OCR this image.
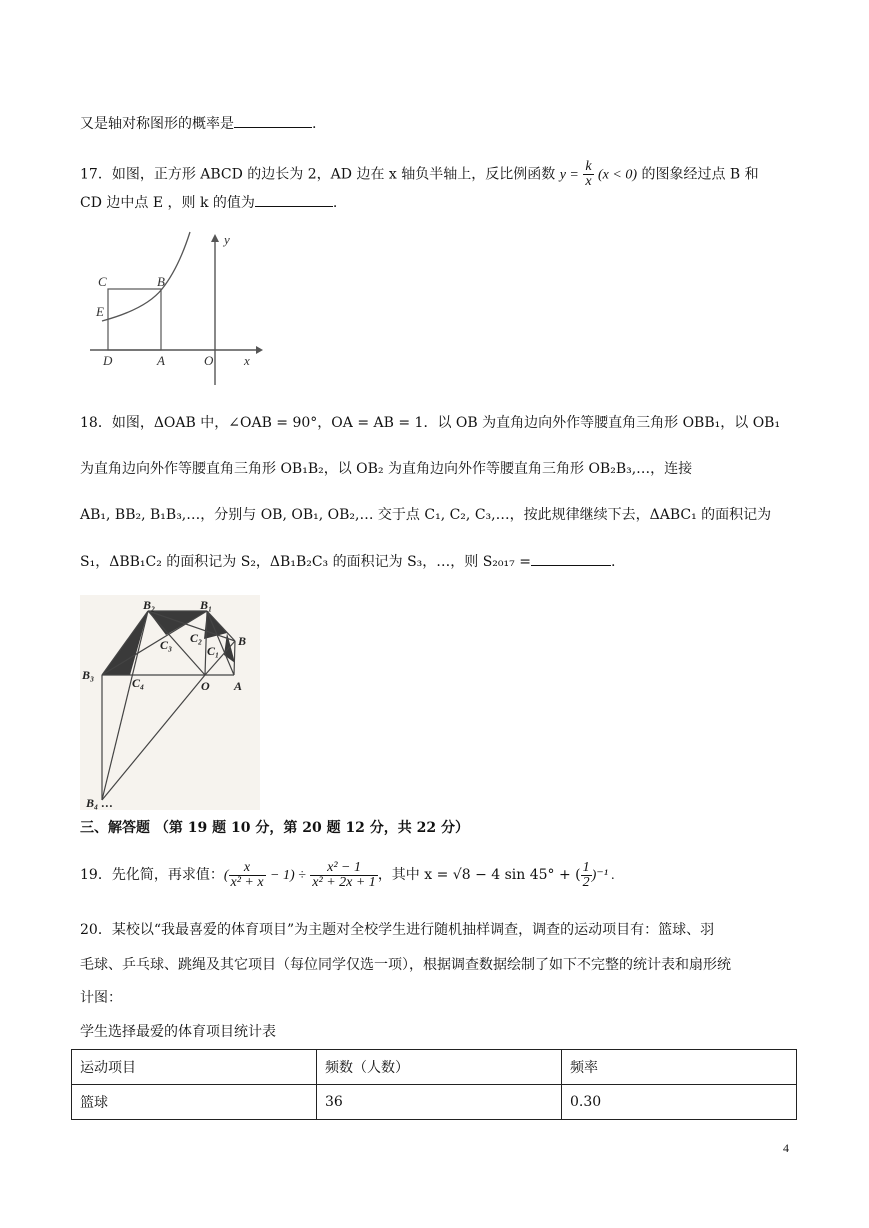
又是轴对称图形的概率是	.
17．如图，正方形 ABCD 的边长为 2，AD 边在 x 轴负半轴上，反比例函数 $y = \frac{k}{x} (x < 0)$ 的图象经过点 B 和
CD 边中点 E ，则 k 的值为	.
C	B
E
D	A	O x
y
18．如图，ΔOAB 中，∠OAB = 90°，OA = AB = 1．以 OB 为直角边向外作等腰直角三角形 OBB₁，以 OB₁
为直角边向外作等腰直角三角形 OB₁B₂，以 OB₂ 为直角边向外作等腰直角三角形 OB₂B₃,…，连接
AB₁, BB₂, B₁B₃,…，分别与 OB, OB₁, OB₂,… 交于点 C₁, C₂, C₃,…，按此规律继续下去，ΔABC₁ 的面积记为
S₁，ΔBB₁C₂ 的面积记为 S₂，ΔB₁B₂C₃ 的面积记为 S₃，…，则 S₂₀₁₇ =	.
B₂	B₁
B
C₂
C₃	C₁
B₃
C₄	O A
B₄ …
三、解答题 （第 19 题 10 分，第 20 题 12 分，共 22 分）
19．先化简，再求值：( $\frac{x}{\text{x² + x}} - 1) \div \frac{\text{x² − 1}}{\text{x² + 2x + 1}}$ ，其中 x = √8 − 4 sin 45° + ( $\frac{1}{2} )^{-1}$ .
20．某校以“我最喜爱的体育项目”为主题对全校学生进行随机抽样调查，调查的运动项目有：篮球、羽
毛球、乒乓球、跳绳及其它项目（每位同学仅选一项），根据调查数据绘制了如下不完整的统计表和扇形统
计图：
学生选择最爱的体育项目统计表
运动项目	频数（人数）	频率
篮球	36	0.30
4
